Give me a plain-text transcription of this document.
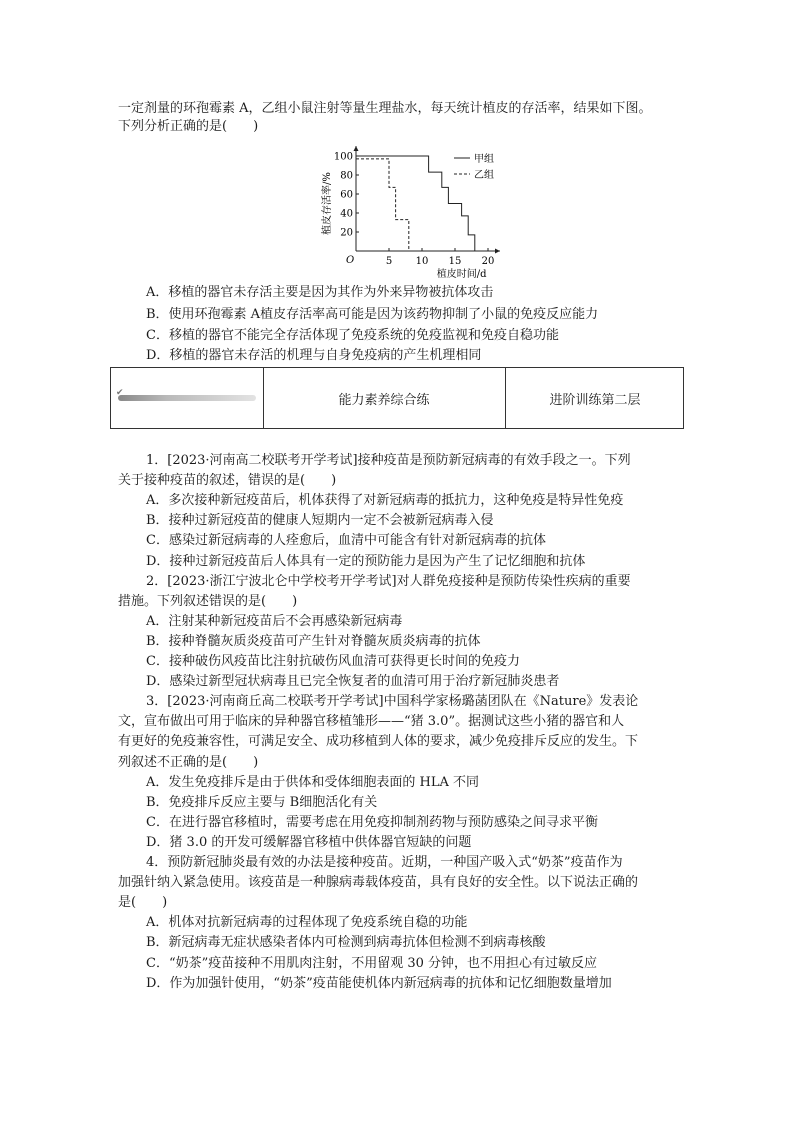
一定剂量的环孢霉素 A，乙组小鼠注射等量生理盐水，每天统计植皮的存活率，结果如下图。
下列分析正确的是(　　)
O
20
40
60
80
100
5 10 15 20
植皮时间/d
植皮存活率/%
甲组
乙组
A．移植的器官未存活主要是因为其作为外来异物被抗体攻击
B．使用环孢霉素 A植皮存活率高可能是因为该药物抑制了小鼠的免疫反应能力
C．移植的器官不能完全存活体现了免疫系统的免疫监视和免疫自稳功能
D．移植的器官未存活的机理与自身免疫病的产生机理相同
✔
能力素养综合练	进阶训练第二层
1．[2023·河南高二校联考开学考试]接种疫苗是预防新冠病毒的有效手段之一。下列
关于接种疫苗的叙述，错误的是(　　)
A．多次接种新冠疫苗后，机体获得了对新冠病毒的抵抗力，这种免疫是特异性免疫
B．接种过新冠疫苗的健康人短期内一定不会被新冠病毒入侵
C．感染过新冠病毒的人痊愈后，血清中可能含有针对新冠病毒的抗体
D．接种过新冠疫苗后人体具有一定的预防能力是因为产生了记忆细胞和抗体
2．[2023·浙江宁波北仑中学校考开学考试]对人群免疫接种是预防传染性疾病的重要
措施。下列叙述错误的是(　　)
A．注射某种新冠疫苗后不会再感染新冠病毒
B．接种脊髓灰质炎疫苗可产生针对脊髓灰质炎病毒的抗体
C．接种破伤风疫苗比注射抗破伤风血清可获得更长时间的免疫力
D．感染过新型冠状病毒且已完全恢复者的血清可用于治疗新冠肺炎患者
3．[2023·河南商丘高二校联考开学考试]中国科学家杨璐菡团队在《Nature》发表论
文，宣布做出可用于临床的异种器官移植雏形——“猪 3.0”。据测试这些小猪的器官和人
有更好的免疫兼容性，可满足安全、成功移植到人体的要求，减少免疫排斥反应的发生。下
列叙述不正确的是(　　)
A．发生免疫排斥是由于供体和受体细胞表面的 HLA 不同
B．免疫排斥反应主要与 B细胞活化有关
C．在进行器官移植时，需要考虑在用免疫抑制剂药物与预防感染之间寻求平衡
D．猪 3.0 的开发可缓解器官移植中供体器官短缺的问题
4．预防新冠肺炎最有效的办法是接种疫苗。近期，一种国产吸入式“奶茶”疫苗作为
加强针纳入紧急使用。该疫苗是一种腺病毒载体疫苗，具有良好的安全性。以下说法正确的
是(　　)
A．机体对抗新冠病毒的过程体现了免疫系统自稳的功能
B．新冠病毒无症状感染者体内可检测到病毒抗体但检测不到病毒核酸
C．“奶茶”疫苗接种不用肌肉注射，不用留观 30 分钟，也不用担心有过敏反应
D．作为加强针使用，“奶茶”疫苗能使机体内新冠病毒的抗体和记忆细胞数量增加
